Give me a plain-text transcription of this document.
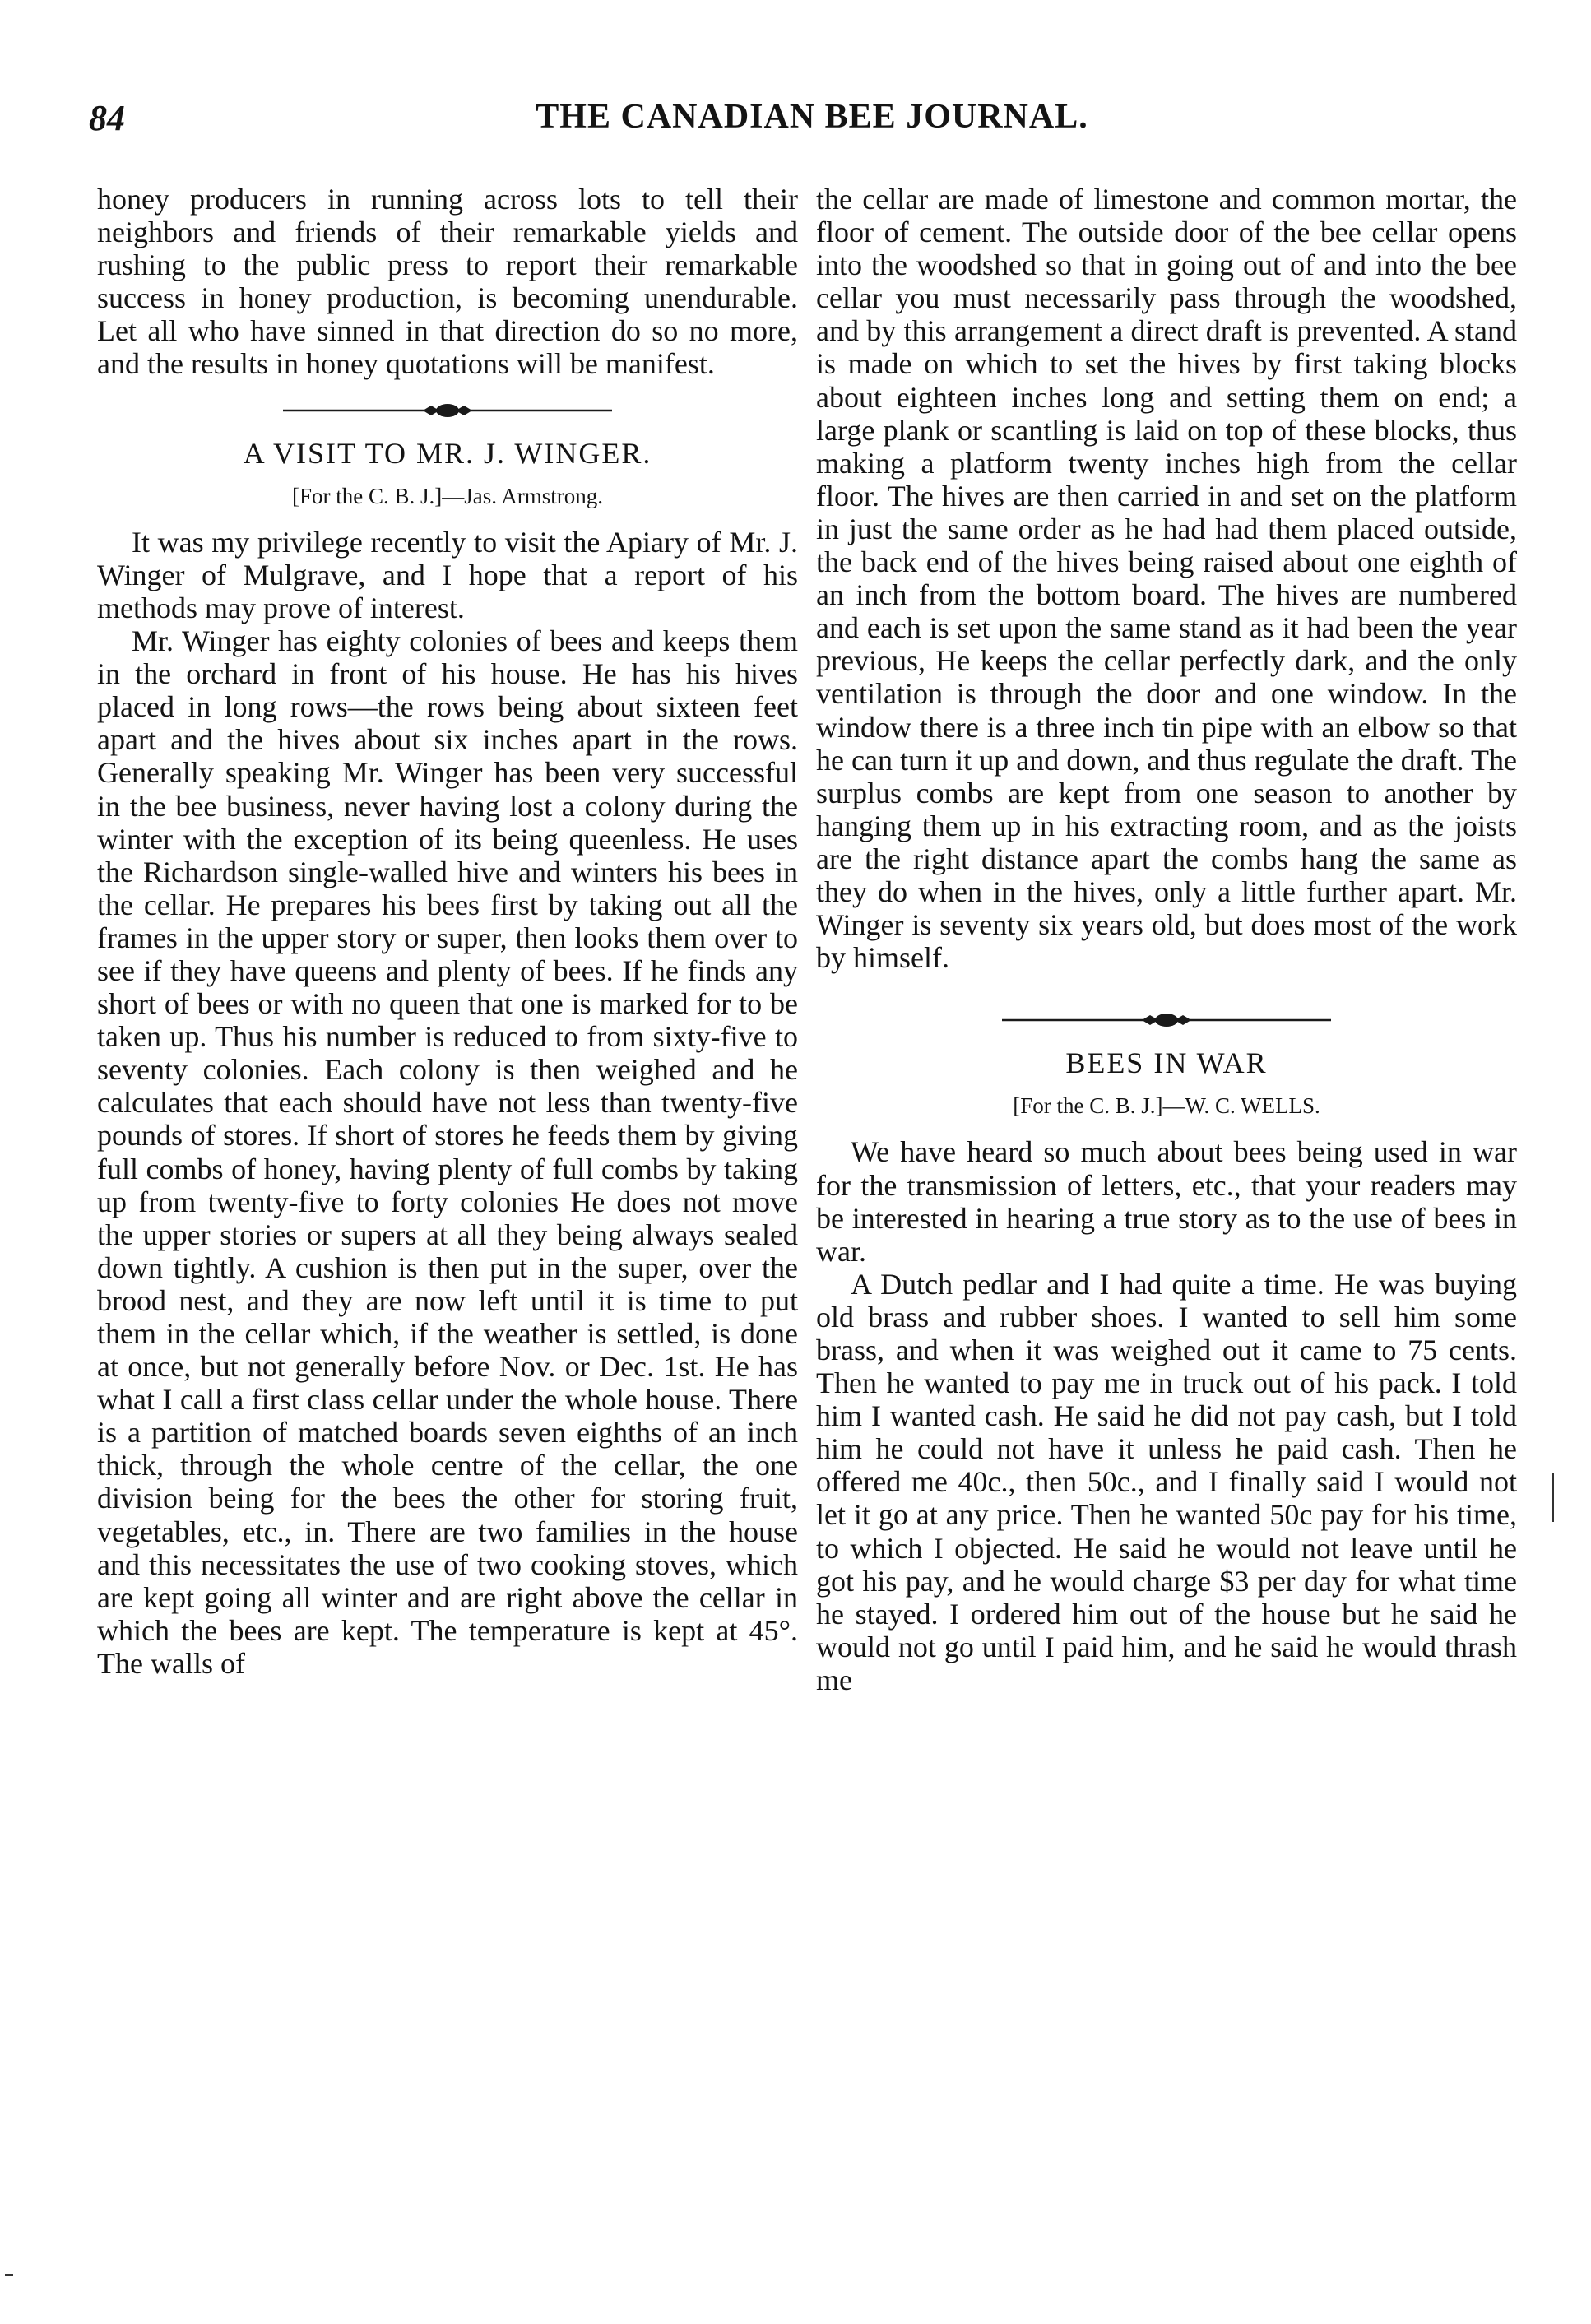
84	THE CANADIAN BEE JOURNAL.

honey producers in running across lots to tell their neighbors and friends of their remarkable yields and rushing to the public press to report their remarkable success in honey production, is becoming unendurable. Let all who have sinned in that direction do so no more, and the results in honey quotations will be manifest.

A VISIT TO MR. J. WINGER.

[For the C. B. J.]—Jas. Armstrong.

It was my privilege recently to visit the Apiary of Mr. J. Winger of Mulgrave, and I hope that a report of his methods may prove of interest.

Mr. Winger has eighty colonies of bees and keeps them in the orchard in front of his house. He has his hives placed in long rows—the rows being about sixteen feet apart and the hives about six inches apart in the rows. Generally speaking Mr. Winger has been very successful in the bee business, never having lost a colony during the winter with the exception of its being queenless. He uses the Richardson single-walled hive and winters his bees in the cellar. He prepares his bees first by taking out all the frames in the upper story or super, then looks them over to see if they have queens and plenty of bees. If he finds any short of bees or with no queen that one is marked for to be taken up. Thus his number is reduced to from sixty-five to seventy colonies. Each colony is then weighed and he calculates that each should have not less than twenty-five pounds of stores. If short of stores he feeds them by giving full combs of honey, having plenty of full combs by taking up from twenty-five to forty colonies He does not move the upper stories or supers at all they being always sealed down tightly. A cushion is then put in the super, over the brood nest, and they are now left until it is time to put them in the cellar which, if the weather is settled, is done at once, but not generally before Nov. or Dec. 1st. He has what I call a first class cellar under the whole house. There is a partition of matched boards seven eighths of an inch thick, through the whole centre of the cellar, the one division being for the bees the other for storing fruit, vegetables, etc., in. There are two families in the house and this necessitates the use of two cooking stoves, which are kept going all winter and are right above the cellar in which the bees are kept. The temperature is kept at 45°. The walls of

the cellar are made of limestone and common mortar, the floor of cement. The outside door of the bee cellar opens into the woodshed so that in going out of and into the bee cellar you must necessarily pass through the woodshed, and by this arrangement a direct draft is prevented. A stand is made on which to set the hives by first taking blocks about eighteen inches long and setting them on end; a large plank or scantling is laid on top of these blocks, thus making a platform twenty inches high from the cellar floor. The hives are then carried in and set on the platform in just the same order as he had had them placed outside, the back end of the hives being raised about one eighth of an inch from the bottom board. The hives are numbered and each is set upon the same stand as it had been the year previous, He keeps the cellar perfectly dark, and the only ventilation is through the door and one window. In the window there is a three inch tin pipe with an elbow so that he can turn it up and down, and thus regulate the draft. The surplus combs are kept from one season to another by hanging them up in his extracting room, and as the joists are the right distance apart the combs hang the same as they do when in the hives, only a little further apart. Mr. Winger is seventy six years old, but does most of the work by himself.

BEES IN WAR

[For the C. B. J.]—W. C. WELLS.

We have heard so much about bees being used in war for the transmission of letters, etc., that your readers may be interested in hearing a true story as to the use of bees in war.

A Dutch pedlar and I had quite a time. He was buying old brass and rubber shoes. I wanted to sell him some brass, and when it was weighed out it came to 75 cents. Then he wanted to pay me in truck out of his pack. I told him I wanted cash. He said he did not pay cash, but I told him he could not have it unless he paid cash. Then he offered me 40c., then 50c., and I finally said I would not let it go at any price. Then he wanted 50c pay for his time, to which I objected. He said he would not leave until he got his pay, and he would charge $3 per day for what time he stayed. I ordered him out of the house but he said he would not go until I paid him, and he said he would thrash me
